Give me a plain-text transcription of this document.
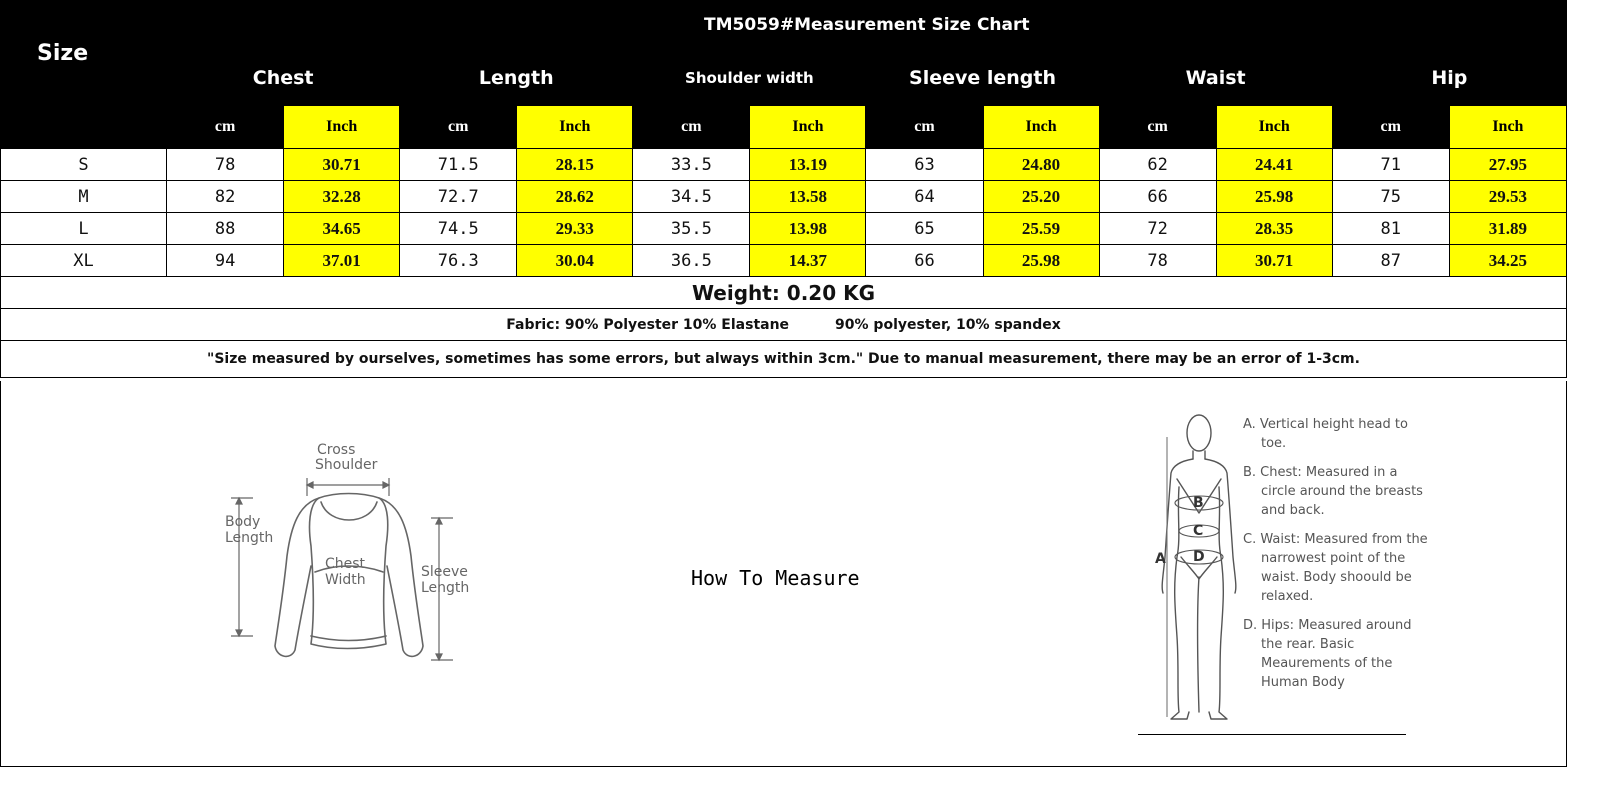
Size	TM5059#Measurement Size Chart											
	Chest		Length		Shoulder width		Sleeve length		Waist		Hip	
	cm	Inch	cm	Inch	cm	Inch	cm	Inch	cm	Inch	cm	Inch
S	78	30.71	71.5	28.15	33.5	13.19	63	24.80	62	24.41	71	27.95
M	82	32.28	72.7	28.62	34.5	13.58	64	25.20	66	25.98	75	29.53
L	88	34.65	74.5	29.33	35.5	13.98	65	25.59	72	28.35	81	31.89
XL	94	37.01	76.3	30.04	36.5	14.37	66	25.98	78	30.71	87	34.25
Weight: 0.20 KG												
Fabric: 90% Polyester 10% Elastane 90% polyester, 10% spandex												
"Size measured by ourselves, sometimes has some errors, but always within 3cm." Due to manual measurement, there may be an error of 1-3cm.												
Cross
Shoulder
Body
Length
Chest
Width	Sleeve
Length	How To Measure
A
B
C
D

A. Vertical height head to toe.

B. Chest: Measured in a circle around the breasts and back.

C. Waist: Measured from the narrowest point of the waist. Body shoould be relaxed.

D. Hips: Measured around the rear. Basic Meaurements of the Human Body
